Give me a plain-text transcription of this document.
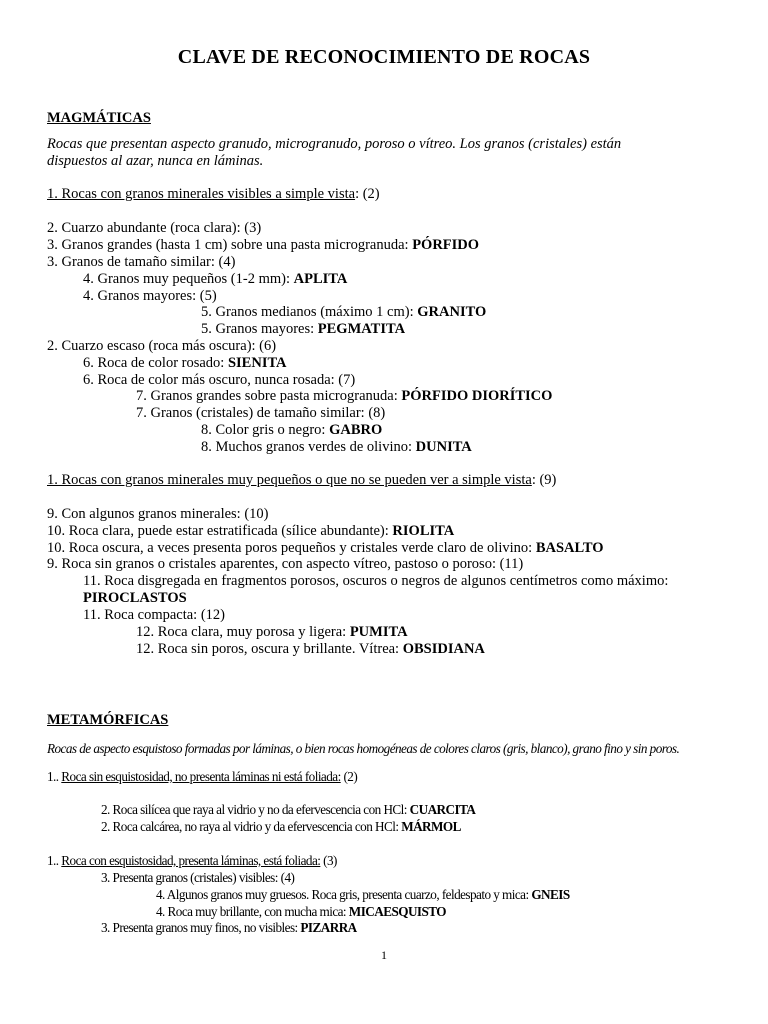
CLAVE DE RECONOCIMIENTO DE ROCAS
MAGMÁTICAS
Rocas que presentan aspecto granudo, microgranudo, poroso o vítreo. Los granos (cristales) están
dispuestos al azar, nunca en láminas.
1. Rocas con granos minerales visibles a simple vista: (2)
2. Cuarzo abundante (roca clara): (3)
3. Granos grandes (hasta 1 cm) sobre una pasta microgranuda: PÓRFIDO
3. Granos de tamaño similar: (4)
4. Granos muy pequeños (1-2 mm): APLITA
4. Granos mayores: (5)
5. Granos medianos (máximo 1 cm): GRANITO
5. Granos mayores: PEGMATITA
2. Cuarzo escaso (roca más oscura): (6)
6. Roca de color rosado: SIENITA
6. Roca de color más oscuro, nunca rosada: (7)
7. Granos grandes sobre pasta microgranuda: PÓRFIDO DIORÍTICO
7. Granos (cristales) de tamaño similar: (8)
8. Color gris o negro: GABRO
8. Muchos granos verdes de olivino: DUNITA
1. Rocas con granos minerales muy pequeños o que no se pueden ver a simple vista: (9)
9. Con algunos granos minerales: (10)
10. Roca clara, puede estar estratificada (sílice abundante): RIOLITA
10. Roca oscura, a veces presenta poros pequeños y cristales verde claro de olivino: BASALTO
9. Roca sin granos o cristales aparentes, con aspecto vítreo, pastoso o poroso: (11)
11. Roca disgregada en fragmentos porosos, oscuros o negros de algunos centímetros como máximo:
PIROCLASTOS
11. Roca compacta: (12)
12. Roca clara, muy porosa y ligera: PUMITA
12. Roca sin poros, oscura y brillante. Vítrea: OBSIDIANA
METAMÓRFICAS
Rocas de aspecto esquistoso formadas por láminas, o bien rocas homogéneas de colores claros (gris, blanco), grano fino y sin poros.
1.. Roca sin esquistosidad, no presenta láminas ni está foliada: (2)
2. Roca silícea que raya al vidrio y no da efervescencia con HCl: CUARCITA
2. Roca calcárea, no raya al vidrio y da efervescencia con HCl: MÁRMOL
1.. Roca con esquistosidad, presenta láminas, está foliada: (3)
3. Presenta granos (cristales) visibles: (4)
4. Algunos granos muy gruesos. Roca gris, presenta cuarzo, feldespato y mica: GNEIS
4. Roca muy brillante, con mucha mica: MICAESQUISTO
3. Presenta granos muy finos, no visibles: PIZARRA
1
